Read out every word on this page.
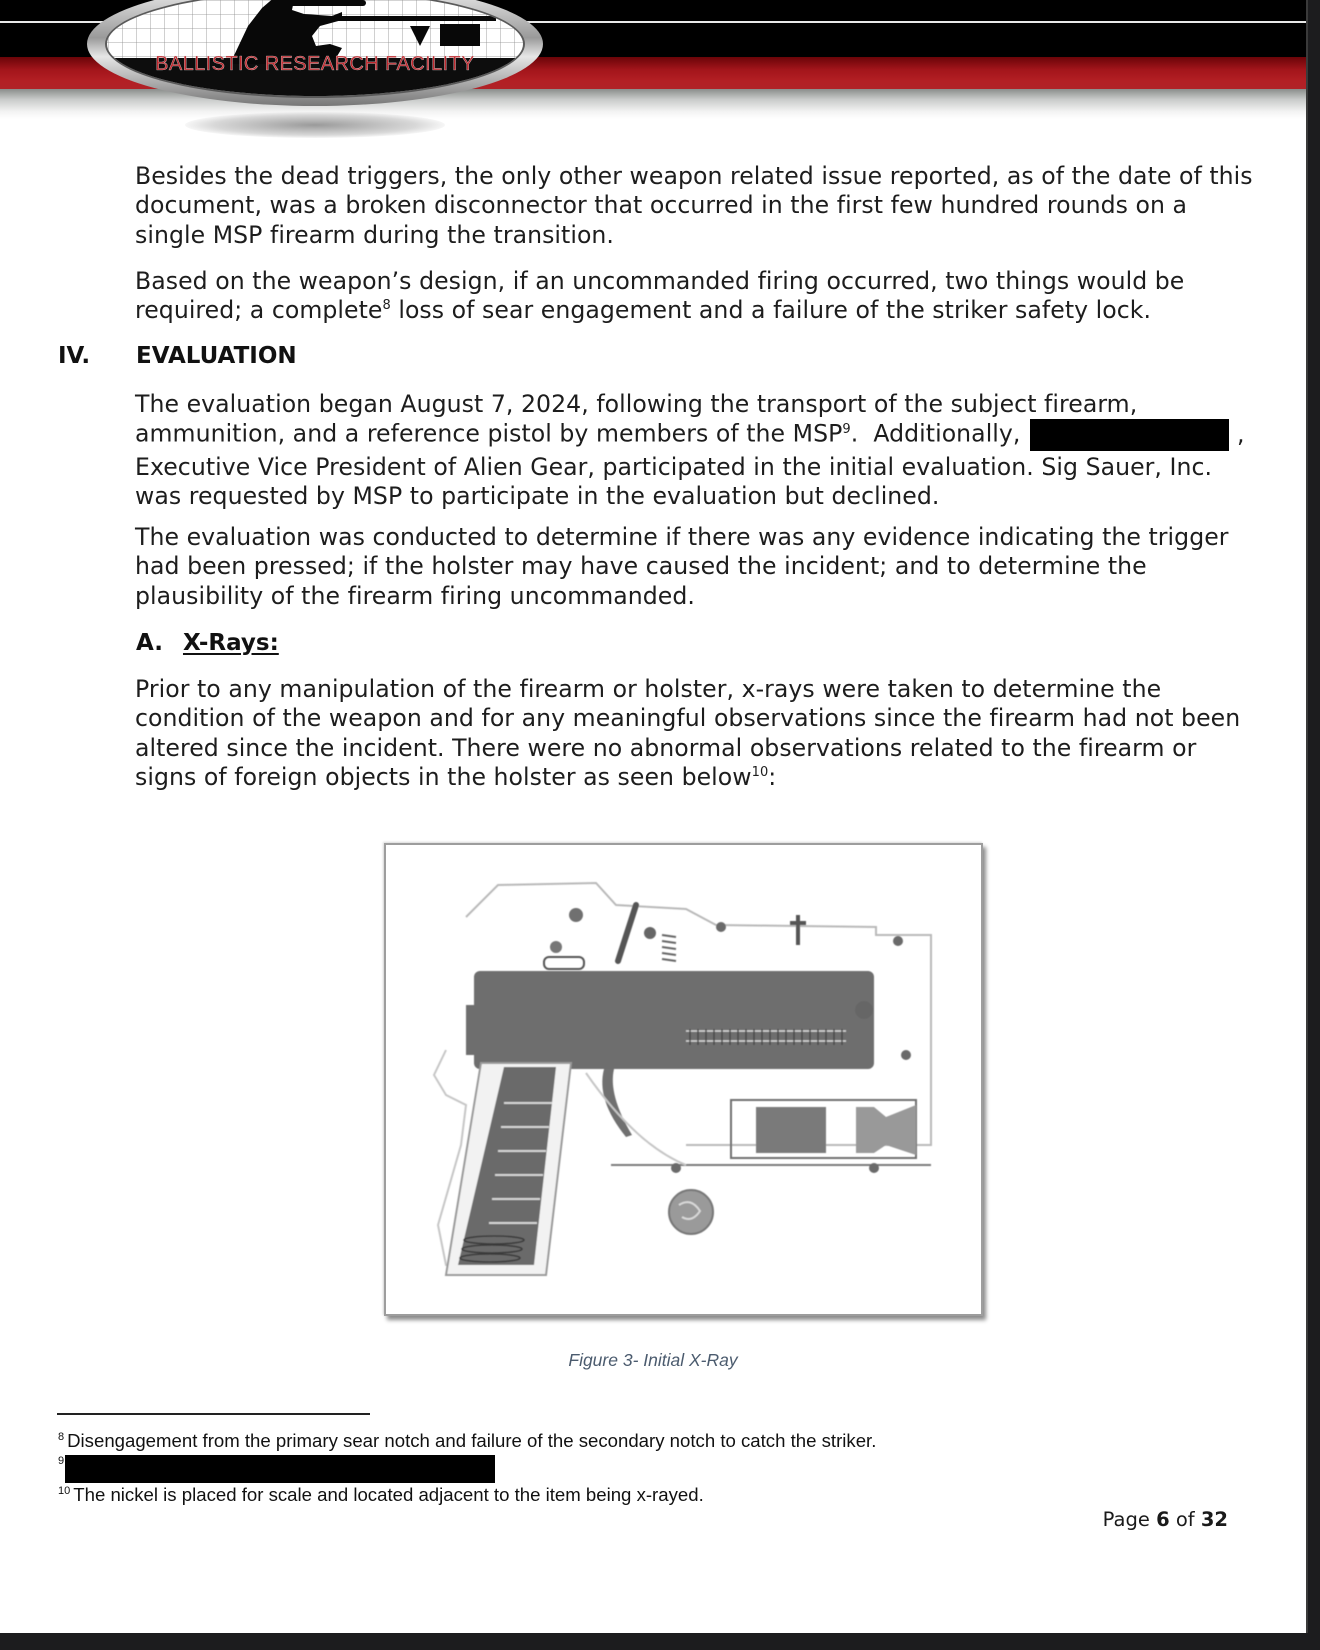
BALLISTIC RESEARCH FACILITY

Besides the dead triggers, the only other weapon related issue reported, as of the date of this

document, was a broken disconnector that occurred in the first few hundred rounds on a

single MSP firearm during the transition.

Based on the weapon’s design, if an uncommanded firing occurred, two things would be

required; a complete$^8$ loss of sear engagement and a failure of the striker safety lock.

IV. EVALUATION

The evaluation began August 7, 2024, following the transport of the subject firearm,

ammunition, and a reference pistol by members of the MSP$^9$.  Additionally,	,

Executive Vice President of Alien Gear, participated in the initial evaluation. Sig Sauer, Inc.

was requested by MSP to participate in the evaluation but declined.

The evaluation was conducted to determine if there was any evidence indicating the trigger

had been pressed; if the holster may have caused the incident; and to determine the

plausibility of the firearm firing uncommanded.

A. X-Rays:

Prior to any manipulation of the firearm or holster, x-rays were taken to determine the

condition of the weapon and for any meaningful observations since the firearm had not been

altered since the incident. There were no abnormal observations related to the firearm or

signs of foreign objects in the holster as seen below$^{10}$:

Figure 3- Initial X-Ray
$^8$ Disengagement from the primary sear notch and failure of the secondary notch to catch the striker.
$^9$
$^{10}$ The nickel is placed for scale and located adjacent to the item being x-rayed.
Page 6 of 32
